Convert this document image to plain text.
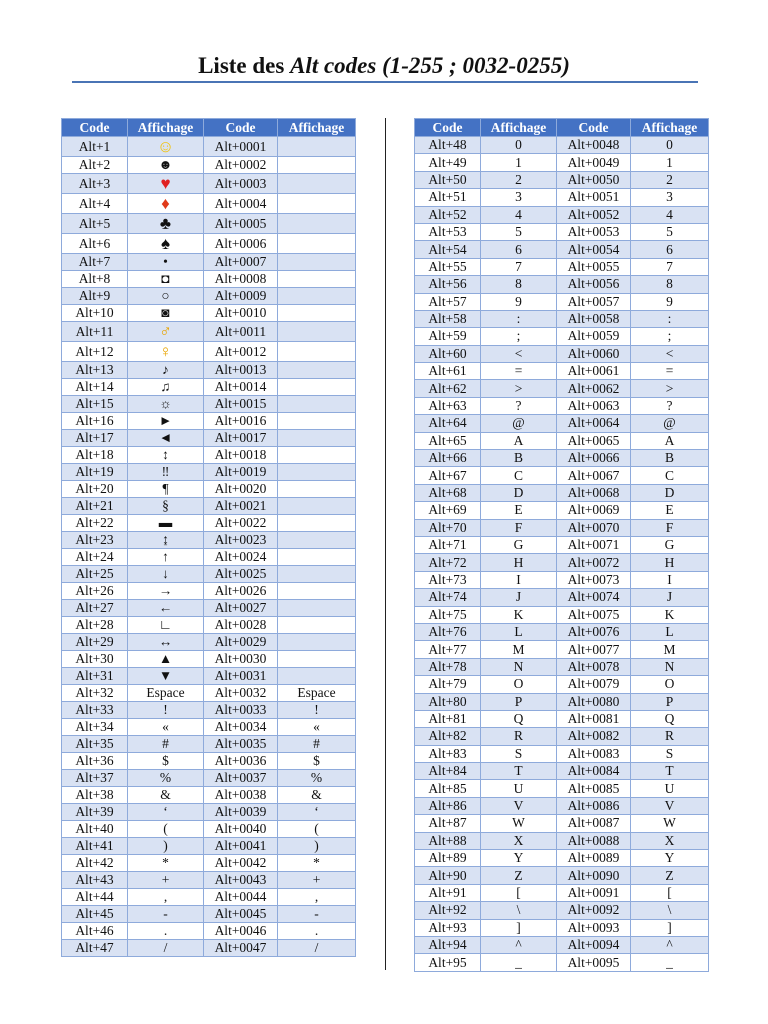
Liste des Alt codes (1-255 ; 0032-0255)
Code	Affichage	Code	Affichage
Alt+1	☺	Alt+0001	
Alt+2	☻	Alt+0002	
Alt+3	♥	Alt+0003	
Alt+4	♦	Alt+0004	
Alt+5	♣	Alt+0005	
Alt+6	♠	Alt+0006	
Alt+7	•	Alt+0007	
Alt+8	◘	Alt+0008	
Alt+9	○	Alt+0009	
Alt+10	◙	Alt+0010	
Alt+11	♂	Alt+0011	
Alt+12	♀	Alt+0012	
Alt+13	♪	Alt+0013	
Alt+14	♫	Alt+0014	
Alt+15	☼	Alt+0015	
Alt+16	►	Alt+0016	
Alt+17	◄	Alt+0017	
Alt+18	↕	Alt+0018	
Alt+19	‼	Alt+0019	
Alt+20	¶	Alt+0020	
Alt+21	§	Alt+0021	
Alt+22	▬	Alt+0022	
Alt+23	↨	Alt+0023	
Alt+24	↑	Alt+0024	
Alt+25	↓	Alt+0025	
Alt+26	→	Alt+0026	
Alt+27	←	Alt+0027	
Alt+28	∟	Alt+0028	
Alt+29	↔	Alt+0029	
Alt+30	▲	Alt+0030	
Alt+31	▼	Alt+0031	
Alt+32	Espace	Alt+0032	Espace
Alt+33	!	Alt+0033	!
Alt+34	«	Alt+0034	«
Alt+35	#	Alt+0035	#
Alt+36	$	Alt+0036	$
Alt+37	%	Alt+0037	%
Alt+38	&	Alt+0038	&
Alt+39	‘	Alt+0039	‘
Alt+40	(	Alt+0040	(
Alt+41	)	Alt+0041	)
Alt+42	*	Alt+0042	*
Alt+43	+	Alt+0043	+
Alt+44	,	Alt+0044	,
Alt+45	-	Alt+0045	-
Alt+46	.	Alt+0046	.
Alt+47	/	Alt+0047	/
Code	Affichage	Code	Affichage
Alt+48	0	Alt+0048	0
Alt+49	1	Alt+0049	1
Alt+50	2	Alt+0050	2
Alt+51	3	Alt+0051	3
Alt+52	4	Alt+0052	4
Alt+53	5	Alt+0053	5
Alt+54	6	Alt+0054	6
Alt+55	7	Alt+0055	7
Alt+56	8	Alt+0056	8
Alt+57	9	Alt+0057	9
Alt+58	:	Alt+0058	:
Alt+59	;	Alt+0059	;
Alt+60	<	Alt+0060	<
Alt+61	=	Alt+0061	=
Alt+62	>	Alt+0062	>
Alt+63	?	Alt+0063	?
Alt+64	@	Alt+0064	@
Alt+65	A	Alt+0065	A
Alt+66	B	Alt+0066	B
Alt+67	C	Alt+0067	C
Alt+68	D	Alt+0068	D
Alt+69	E	Alt+0069	E
Alt+70	F	Alt+0070	F
Alt+71	G	Alt+0071	G
Alt+72	H	Alt+0072	H
Alt+73	I	Alt+0073	I
Alt+74	J	Alt+0074	J
Alt+75	K	Alt+0075	K
Alt+76	L	Alt+0076	L
Alt+77	M	Alt+0077	M
Alt+78	N	Alt+0078	N
Alt+79	O	Alt+0079	O
Alt+80	P	Alt+0080	P
Alt+81	Q	Alt+0081	Q
Alt+82	R	Alt+0082	R
Alt+83	S	Alt+0083	S
Alt+84	T	Alt+0084	T
Alt+85	U	Alt+0085	U
Alt+86	V	Alt+0086	V
Alt+87	W	Alt+0087	W
Alt+88	X	Alt+0088	X
Alt+89	Y	Alt+0089	Y
Alt+90	Z	Alt+0090	Z
Alt+91	[	Alt+0091	[
Alt+92	\	Alt+0092	\
Alt+93	]	Alt+0093	]
Alt+94	^	Alt+0094	^
Alt+95	_	Alt+0095	_
